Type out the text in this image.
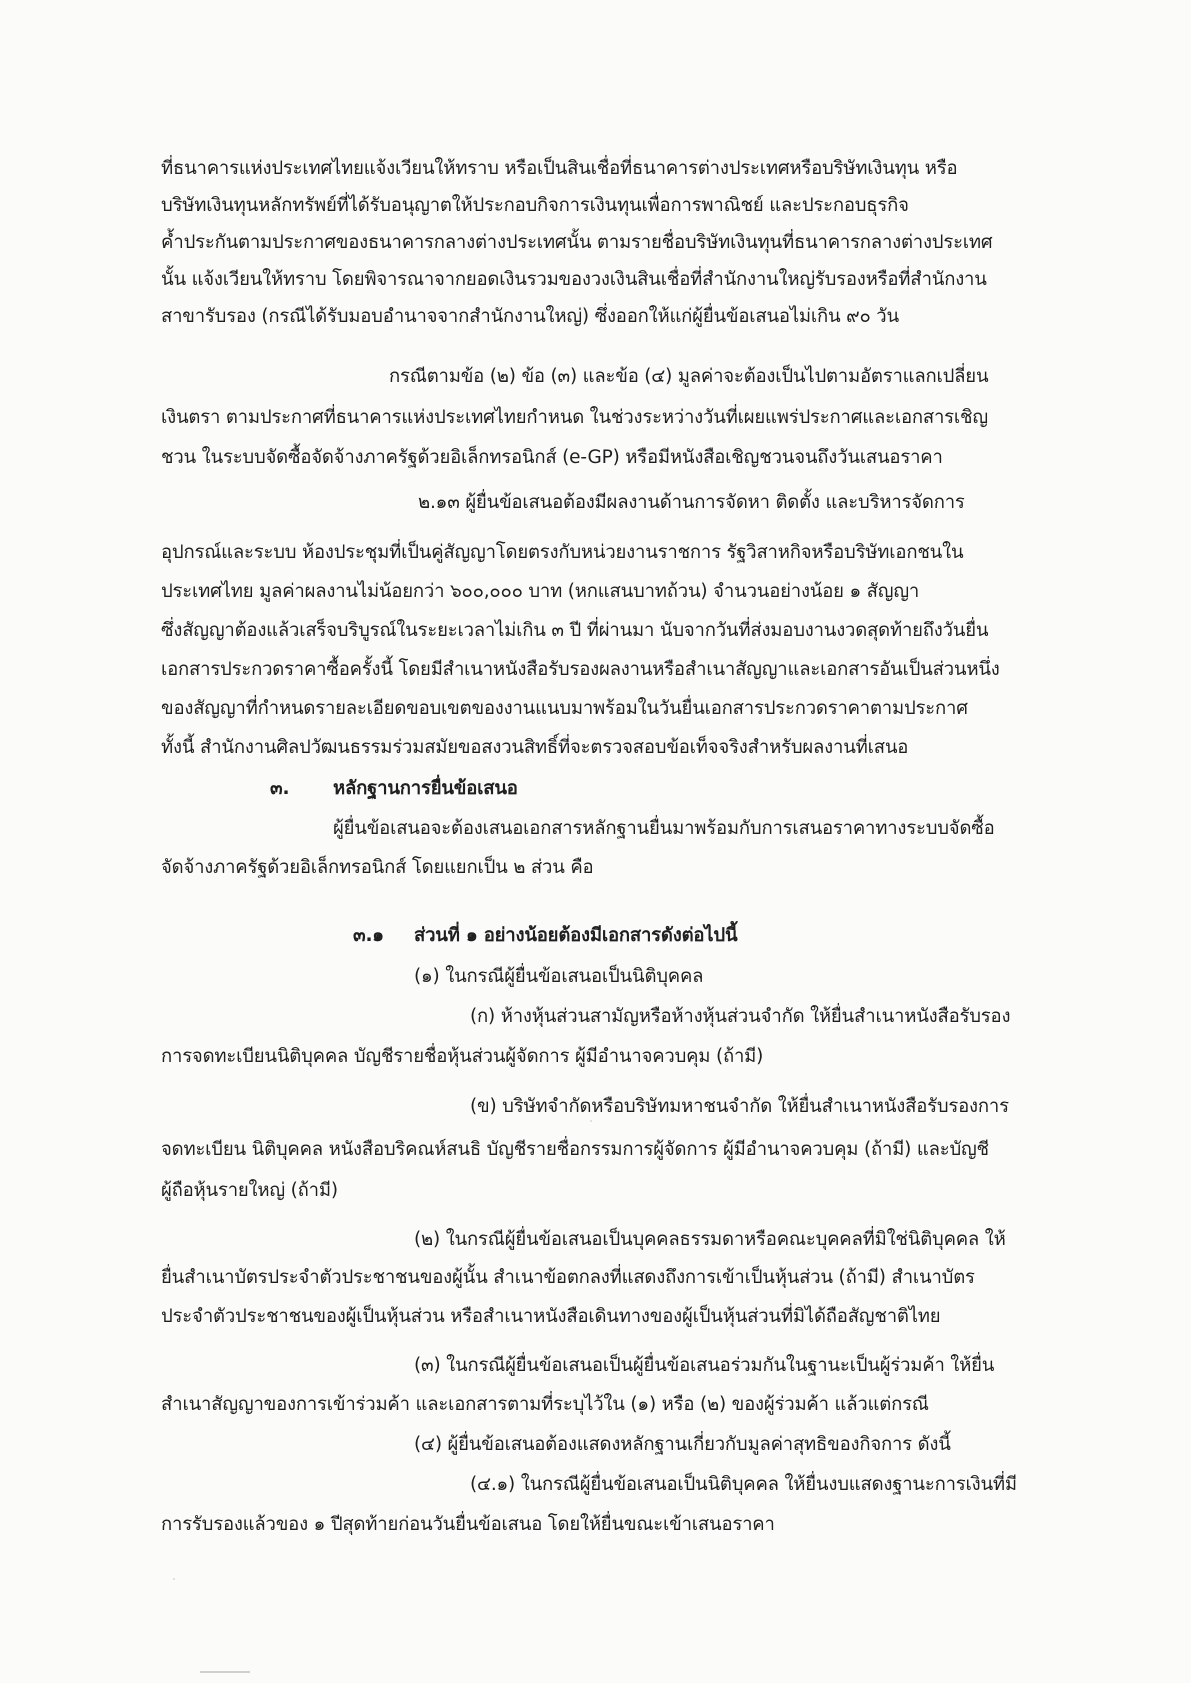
ที่ธนาคารแห่งประเทศไทยแจ้งเวียนให้ทราบ หรือเป็นสินเชื่อที่ธนาคารต่างประเทศหรือบริษัทเงินทุน หรือ
บริษัทเงินทุนหลักทรัพย์ที่ได้รับอนุญาตให้ประกอบกิจการเงินทุนเพื่อการพาณิชย์ และประกอบธุรกิจ
ค้ำประกันตามประกาศของธนาคารกลางต่างประเทศนั้น ตามรายชื่อบริษัทเงินทุนที่ธนาคารกลางต่างประเทศ
นั้น แจ้งเวียนให้ทราบ โดยพิจารณาจากยอดเงินรวมของวงเงินสินเชื่อที่สำนักงานใหญ่รับรองหรือที่สำนักงาน
สาขารับรอง (กรณีได้รับมอบอำนาจจากสำนักงานใหญ่) ซึ่งออกให้แก่ผู้ยื่นข้อเสนอไม่เกิน ๙๐ วัน
กรณีตามข้อ (๒) ข้อ (๓) และข้อ (๔) มูลค่าจะต้องเป็นไปตามอัตราแลกเปลี่ยน
เงินตรา ตามประกาศที่ธนาคารแห่งประเทศไทยกำหนด ในช่วงระหว่างวันที่เผยแพร่ประกาศและเอกสารเชิญ
ชวน ในระบบจัดซื้อจัดจ้างภาครัฐด้วยอิเล็กทรอนิกส์ (e-GP) หรือมีหนังสือเชิญชวนจนถึงวันเสนอราคา
๒.๑๓ ผู้ยื่นข้อเสนอต้องมีผลงานด้านการจัดหา ติดตั้ง และบริหารจัดการ
อุปกรณ์และระบบ ห้องประชุมที่เป็นคู่สัญญาโดยตรงกับหน่วยงานราชการ รัฐวิสาหกิจหรือบริษัทเอกชนใน
ประเทศไทย มูลค่าผลงานไม่น้อยกว่า ๖๐๐,๐๐๐ บาท (หกแสนบาทถ้วน) จำนวนอย่างน้อย ๑ สัญญา
ซึ่งสัญญาต้องแล้วเสร็จบริบูรณ์ในระยะเวลาไม่เกิน ๓ ปี ที่ผ่านมา นับจากวันที่ส่งมอบงานงวดสุดท้ายถึงวันยื่น
เอกสารประกวดราคาซื้อครั้งนี้ โดยมีสำเนาหนังสือรับรองผลงานหรือสำเนาสัญญาและเอกสารอันเป็นส่วนหนึ่ง
ของสัญญาที่กำหนดรายละเอียดขอบเขตของงานแนบมาพร้อมในวันยื่นเอกสารประกวดราคาตามประกาศ
ทั้งนี้ สำนักงานศิลปวัฒนธรรมร่วมสมัยขอสงวนสิทธิ์ที่จะตรวจสอบข้อเท็จจริงสำหรับผลงานที่เสนอ
๓. หลักฐานการยื่นข้อเสนอ
ผู้ยื่นข้อเสนอจะต้องเสนอเอกสารหลักฐานยื่นมาพร้อมกับการเสนอราคาทางระบบจัดซื้อ
จัดจ้างภาครัฐด้วยอิเล็กทรอนิกส์ โดยแยกเป็น ๒ ส่วน คือ
๓.๑ ส่วนที่ ๑ อย่างน้อยต้องมีเอกสารดังต่อไปนี้
(๑) ในกรณีผู้ยื่นข้อเสนอเป็นนิติบุคคล
(ก) ห้างหุ้นส่วนสามัญหรือห้างหุ้นส่วนจำกัด ให้ยื่นสำเนาหนังสือรับรอง
การจดทะเบียนนิติบุคคล บัญชีรายชื่อหุ้นส่วนผู้จัดการ ผู้มีอำนาจควบคุม (ถ้ามี)
(ข) บริษัทจำกัดหรือบริษัทมหาชนจำกัด ให้ยื่นสำเนาหนังสือรับรองการ
จดทะเบียน นิติบุคคล หนังสือบริคณห์สนธิ บัญชีรายชื่อกรรมการผู้จัดการ ผู้มีอำนาจควบคุม (ถ้ามี) และบัญชี
ผู้ถือหุ้นรายใหญ่ (ถ้ามี)
(๒) ในกรณีผู้ยื่นข้อเสนอเป็นบุคคลธรรมดาหรือคณะบุคคลที่มิใช่นิติบุคคล ให้
ยื่นสำเนาบัตรประจำตัวประชาชนของผู้นั้น สำเนาข้อตกลงที่แสดงถึงการเข้าเป็นหุ้นส่วน (ถ้ามี) สำเนาบัตร
ประจำตัวประชาชนของผู้เป็นหุ้นส่วน หรือสำเนาหนังสือเดินทางของผู้เป็นหุ้นส่วนที่มิได้ถือสัญชาติไทย
(๓) ในกรณีผู้ยื่นข้อเสนอเป็นผู้ยื่นข้อเสนอร่วมกันในฐานะเป็นผู้ร่วมค้า ให้ยื่น
สำเนาสัญญาของการเข้าร่วมค้า และเอกสารตามที่ระบุไว้ใน (๑) หรือ (๒) ของผู้ร่วมค้า แล้วแต่กรณี
(๔) ผู้ยื่นข้อเสนอต้องแสดงหลักฐานเกี่ยวกับมูลค่าสุทธิของกิจการ ดังนี้
(๔.๑) ในกรณีผู้ยื่นข้อเสนอเป็นนิติบุคคล ให้ยื่นงบแสดงฐานะการเงินที่มี
การรับรองแล้วของ ๑ ปีสุดท้ายก่อนวันยื่นข้อเสนอ โดยให้ยื่นขณะเข้าเสนอราคา
